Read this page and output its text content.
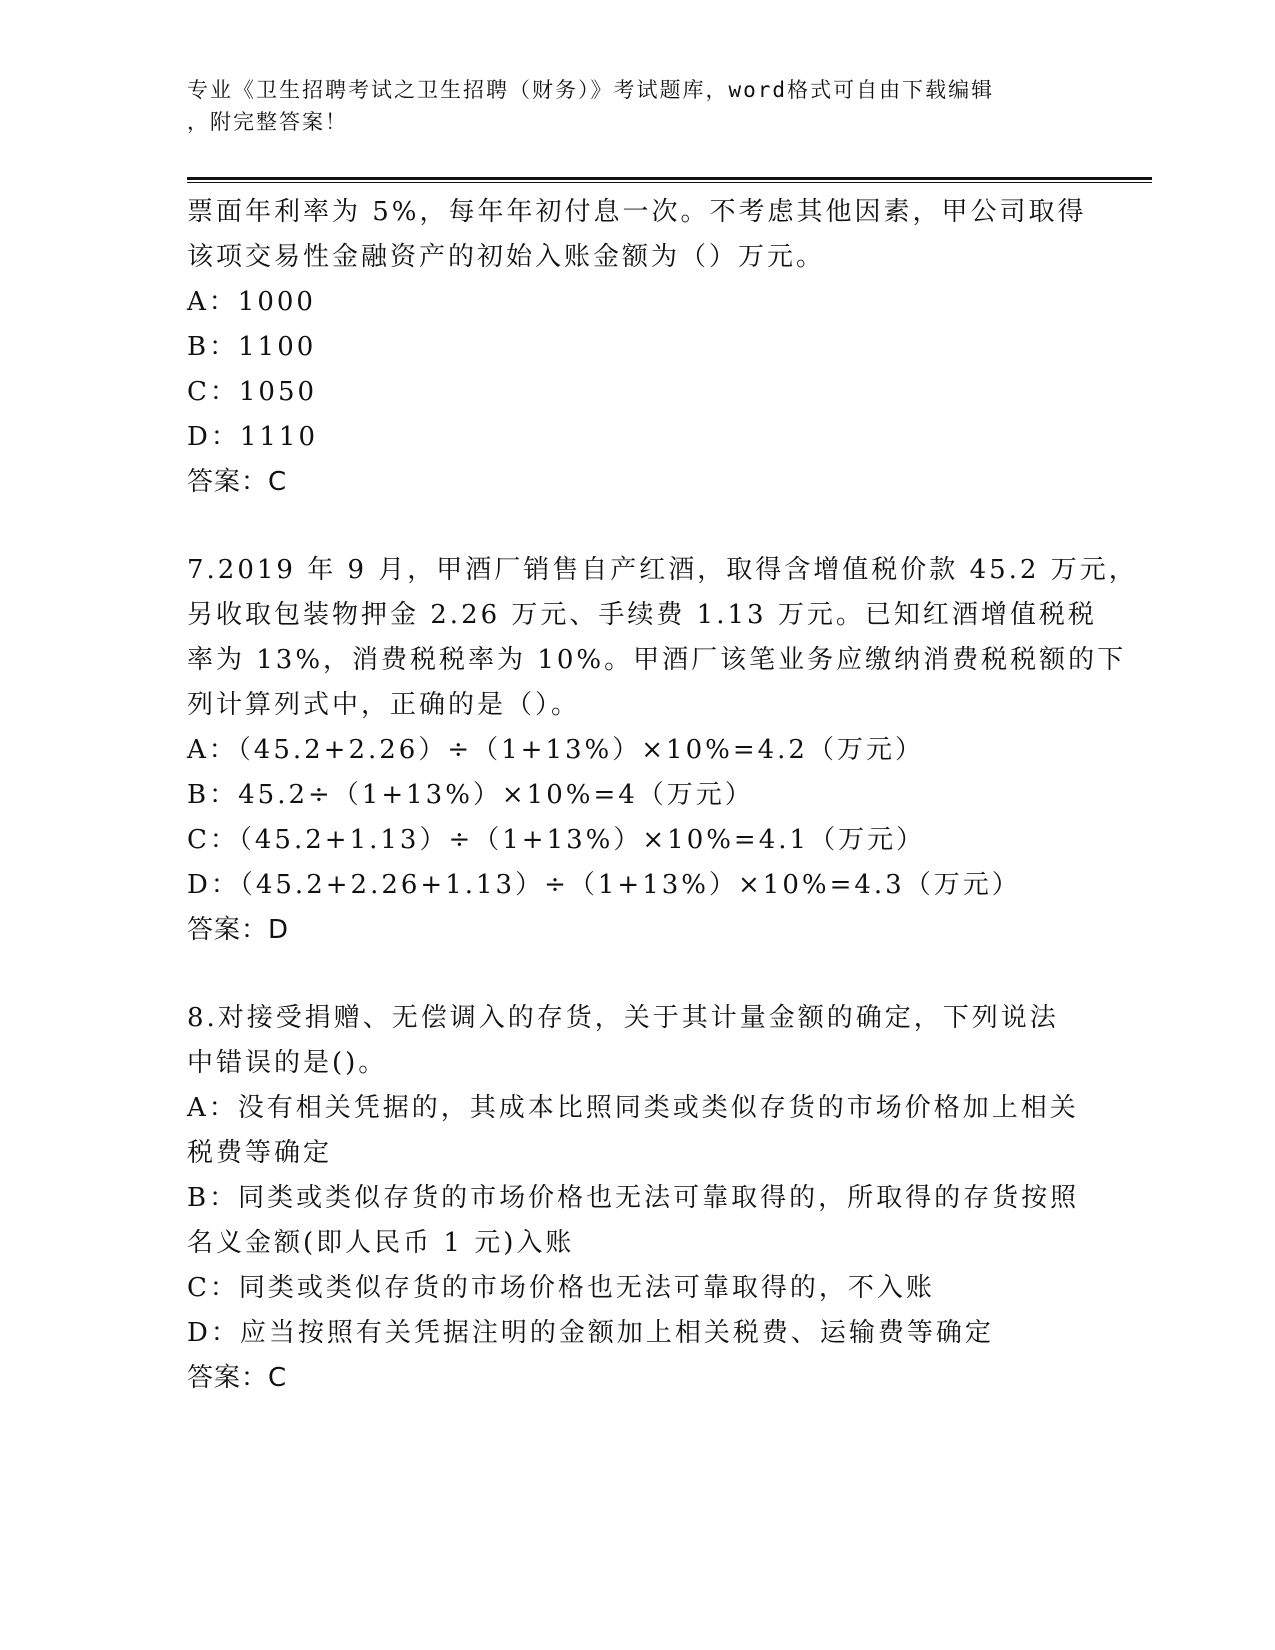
专业《卫生招聘考试之卫生招聘（财务）》考试题库，word格式可自由下载编辑
，附完整答案！
票面年利率为 5%，每年年初付息一次。不考虑其他因素，甲公司取得
该项交易性金融资产的初始入账金额为（）万元。
A：1000
B：1100
C：1050
D：1110
答案：C
7.2019 年 9 月，甲酒厂销售自产红酒，取得含增值税价款 45.2 万元，
另收取包装物押金 2.26 万元、手续费 1.13 万元。已知红酒增值税税
率为 13%，消费税税率为 10%。甲酒厂该笔业务应缴纳消费税税额的下
列计算列式中，正确的是（）。
A：（45.2+2.26）÷（1+13%）×10%=4.2（万元）
B：45.2÷（1+13%）×10%=4（万元）
C：（45.2+1.13）÷（1+13%）×10%=4.1（万元）
D：（45.2+2.26+1.13）÷（1+13%）×10%=4.3（万元）
答案：D
8.对接受捐赠、无偿调入的存货，关于其计量金额的确定，下列说法
中错误的是()。
A：没有相关凭据的，其成本比照同类或类似存货的市场价格加上相关
税费等确定
B：同类或类似存货的市场价格也无法可靠取得的，所取得的存货按照
名义金额(即人民币 1 元)入账
C：同类或类似存货的市场价格也无法可靠取得的，不入账
D：应当按照有关凭据注明的金额加上相关税费、运输费等确定
答案：C
